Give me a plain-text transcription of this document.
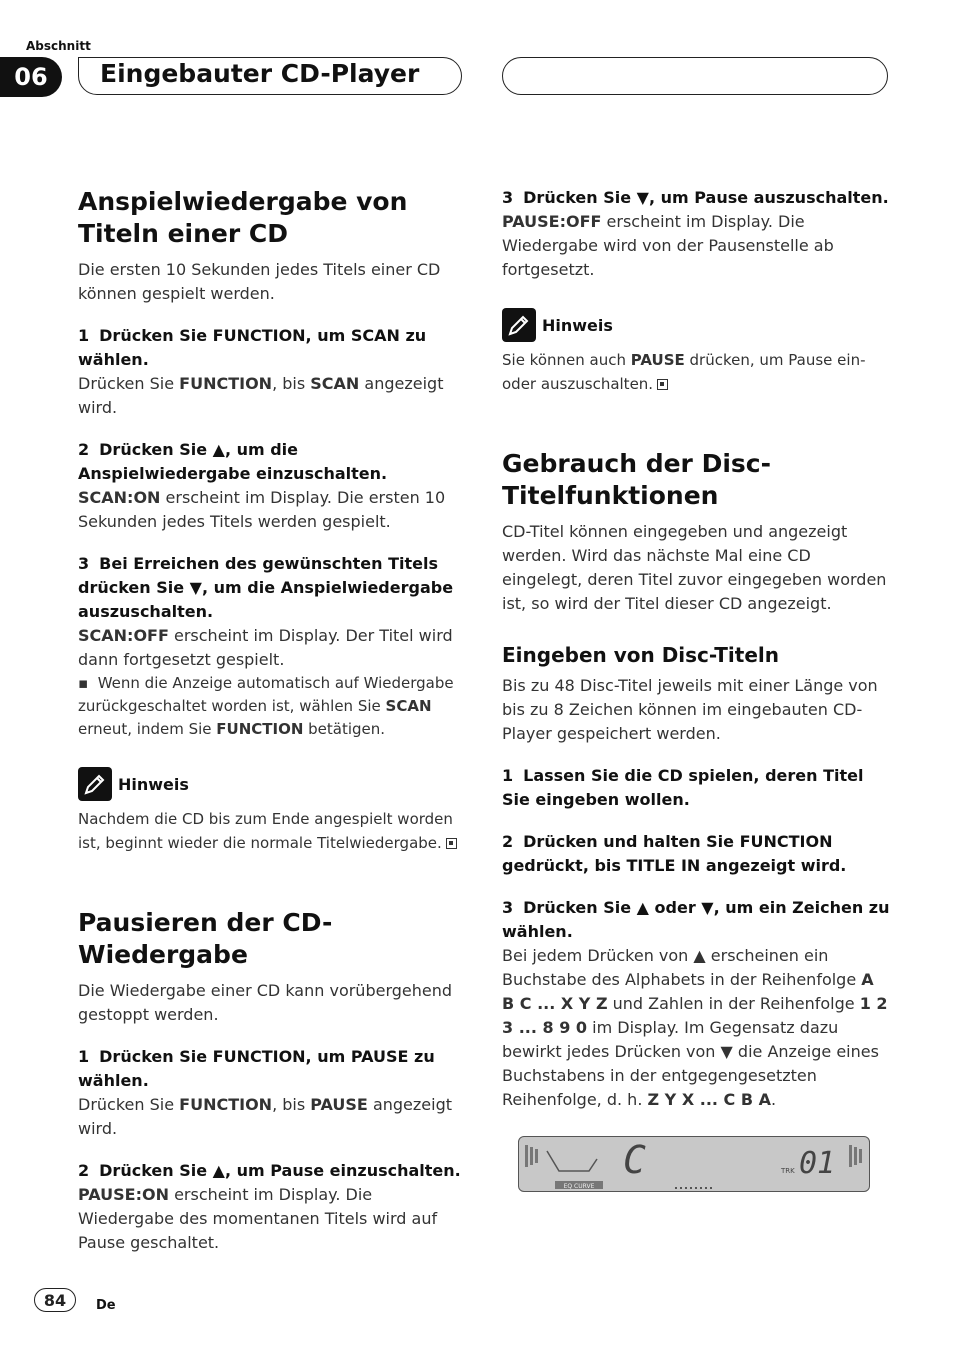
Abschnitt
06	Eingebauter CD-Player
Anspielwiedergabe von Titeln einer CD

Die ersten 10 Sekunden jedes Titels einer CD können gespielt werden.

1 Drücken Sie FUNCTION, um SCAN zu wählen.

Drücken Sie FUNCTION, bis SCAN angezeigt wird.

2 Drücken Sie ▲, um die Anspielwiedergabe einzuschalten.

SCAN:ON erscheint im Display. Die ersten 10 Sekunden jedes Titels werden gespielt.

3 Bei Erreichen des gewünschten Titels drücken Sie ▼, um die Anspielwiedergabe auszuschalten.

SCAN:OFF erscheint im Display. Der Titel wird dann fortgesetzt gespielt.

▪  Wenn die Anzeige automatisch auf Wiedergabe zurückgeschaltet worden ist, wählen Sie SCAN erneut, indem Sie FUNCTION betätigen.

Hinweis

Nachdem die CD bis zum Ende angespielt worden ist, beginnt wieder die normale Titelwiedergabe.

Pausieren der CD-Wiedergabe

Die Wiedergabe einer CD kann vorübergehend gestoppt werden.

1 Drücken Sie FUNCTION, um PAUSE zu wählen.

Drücken Sie FUNCTION, bis PAUSE angezeigt wird.

2 Drücken Sie ▲, um Pause einzuschalten.

PAUSE:ON erscheint im Display. Die Wiedergabe des momentanen Titels wird auf Pause geschaltet.

3 Drücken Sie ▼, um Pause auszuschalten.

PAUSE:OFF erscheint im Display. Die Wiedergabe wird von der Pausenstelle ab fortgesetzt.

Hinweis

Sie können auch PAUSE drücken, um Pause ein- oder auszuschalten.

Gebrauch der Disc-Titelfunktionen

CD-Titel können eingegeben und angezeigt werden. Wird das nächste Mal eine CD eingelegt, deren Titel zuvor eingegeben worden ist, so wird der Titel dieser CD angezeigt.

Eingeben von Disc-Titeln

Bis zu 48 Disc-Titel jeweils mit einer Länge von bis zu 8 Zeichen können im eingebauten CD-Player gespeichert werden.

1 Lassen Sie die CD spielen, deren Titel Sie eingeben wollen.

2 Drücken und halten Sie FUNCTION gedrückt, bis TITLE IN angezeigt wird.

3 Drücken Sie ▲ oder ▼, um ein Zeichen zu wählen.

Bei jedem Drücken von ▲ erscheinen ein Buchstabe des Alphabets in der Reihenfolge A B C ... X Y Z und Zahlen in der Reihenfolge 1 2 3 ... 8 9 0 im Display. Im Gegensatz dazu bewirkt jedes Drücken von ▼ die Anzeige eines Buchstabens in der entgegengesetzten Reihenfolge, d. h. Z Y X ... C B A.

EQ CURVE
C	TRK 01
84	De
